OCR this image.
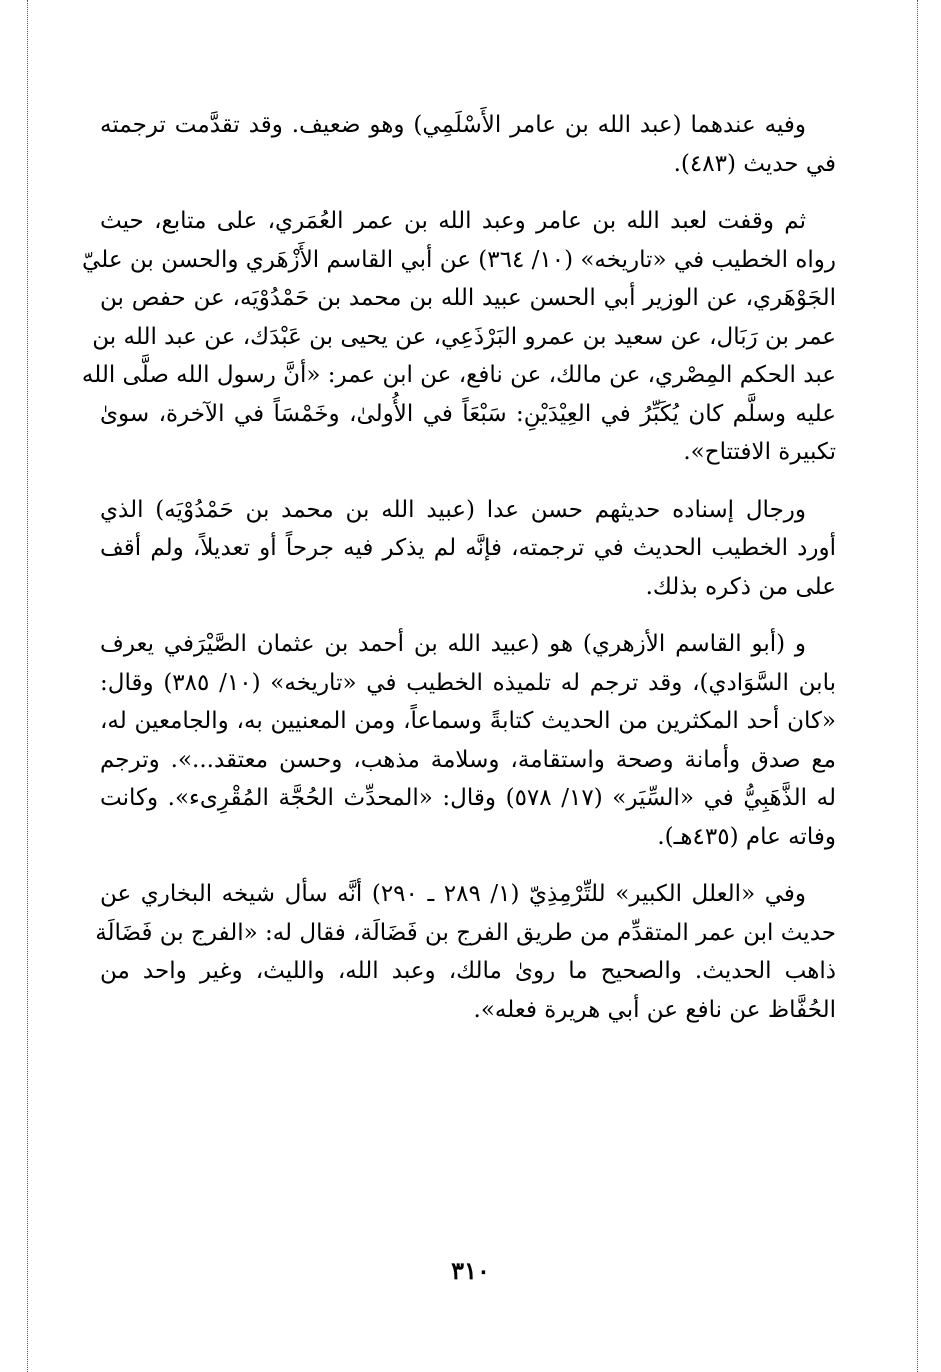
وفيه عندهما (عبد الله بن عامر الأَسْلَمِي) وهو ضعيف. وقد تقدَّمت ترجمته
في حديث (٤٨٣).
ثم وقفت لعبد الله بن عامر وعبد الله بن عمر العُمَري، على متابع، حيث
رواه الخطيب في «تاريخه» (١٠/ ٣٦٤) عن أبي القاسم الأَزْهَري والحسن بن عليّ
الجَوْهَري، عن الوزير أبي الحسن عبيد الله بن محمد بن حَمْدُوْيَه، عن حفص بن
عمر بن رَبَال، عن سعيد بن عمرو البَرْذَعِي، عن يحيى بن عَبْدَك، عن عبد الله بن
عبد الحكم المِصْري، عن مالك، عن نافع، عن ابن عمر: «أنَّ رسول الله صلَّى الله
عليه وسلَّم كان يُكَبِّرُ في العِيْدَيْنِ: سَبْعَاً في الأُولىٰ، وخَمْسَاً في الآخرة، سوىٰ
تكبيرة الافتتاح».
ورجال إسناده حديثهم حسن عدا (عبيد الله بن محمد بن حَمْدُوْيَه) الذي
أورد الخطيب الحديث في ترجمته، فإنَّه لم يذكر فيه جرحاً أو تعديلاً، ولم أقف
على من ذكره بذلك.
و (أبو القاسم الأزهري) هو (عبيد الله بن أحمد بن عثمان الصَّيْرَفي يعرف
بابن السَّوَادي)، وقد ترجم له تلميذه الخطيب في «تاريخه» (١٠/ ٣٨٥) وقال:
«كان أحد المكثرين من الحديث كتابةً وسماعاً، ومن المعنيين به، والجامعين له،
مع صدق وأمانة وصحة واستقامة، وسلامة مذهب، وحسن معتقد...». وترجم
له الذَّهَبِيُّ في «السِّيَر» (١٧/ ٥٧٨) وقال: «المحدِّث الحُجَّة المُقْرِىء». وكانت
وفاته عام (٤٣٥هـ).
وفي «العلل الكبير» للتِّرْمِذِيّ (١/ ٢٨٩ ـ ٢٩٠) أنَّه سأل شيخه البخاري عن
حديث ابن عمر المتقدِّم من طريق الفرج بن فَضَالَة، فقال له: «الفرج بن فَضَالَة
ذاهب الحديث. والصحيح ما روىٰ مالك، وعبد الله، والليث، وغير واحد من
الحُفَّاظ عن نافع عن أبي هريرة فعله».
٣١٠
